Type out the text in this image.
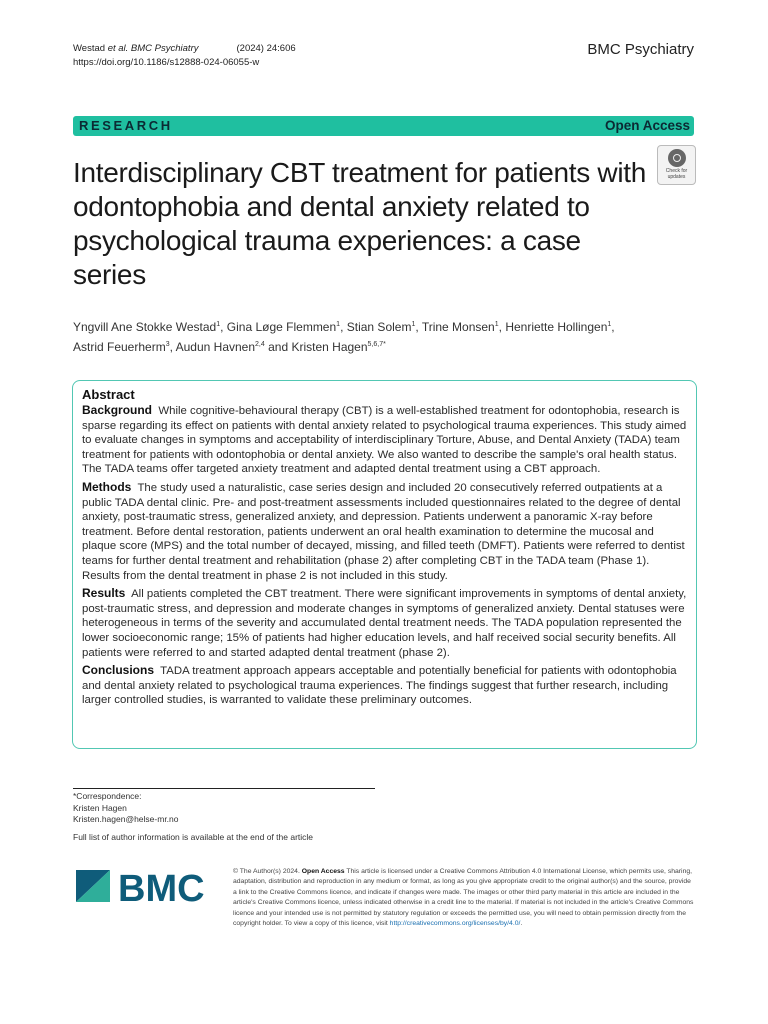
Westad et al. BMC Psychiatry	(2024) 24:606
https://doi.org/10.1186/s12888-024-06055-w
BMC Psychiatry
RESEARCH	Open Access
Interdisciplinary CBT treatment for patients with odontophobia and dental anxiety related to psychological trauma experiences: a case series
Check for
updates
Yngvill Ane Stokke Westad$^1$, Gina Løge Flemmen$^1$, Stian Solem$^1$, Trine Monsen$^1$, Henriette Hollingen$^1$,
Astrid Feuerherm$^3$, Audun Havnen$^{2,4}$ and Kristen Hagen$^{5,6,7*}$
Abstract

Background While cognitive-behavioural therapy (CBT) is a well-established treatment for odontophobia, research is sparse regarding its effect on patients with dental anxiety related to psychological trauma experiences. This study aimed to evaluate changes in symptoms and acceptability of interdisciplinary Torture, Abuse, and Dental Anxiety (TADA) team treatment for patients with odontophobia or dental anxiety. We also wanted to describe the sample's oral health status. The TADA teams offer targeted anxiety treatment and adapted dental treatment using a CBT approach.

Methods The study used a naturalistic, case series design and included 20 consecutively referred outpatients at a public TADA dental clinic. Pre- and post-treatment assessments included questionnaires related to the degree of dental anxiety, post-traumatic stress, generalized anxiety, and depression. Patients underwent a panoramic X-ray before treatment. Before dental restoration, patients underwent an oral health examination to determine the mucosal and plaque score (MPS) and the total number of decayed, missing, and filled teeth (DMFT). Patients were referred to dentist teams for further dental treatment and rehabilitation (phase 2) after completing CBT in the TADA team (Phase 1). Results from the dental treatment in phase 2 is not included in this study.

Results All patients completed the CBT treatment. There were significant improvements in symptoms of dental anxiety, post-traumatic stress, and depression and moderate changes in symptoms of generalized anxiety. Dental statuses were heterogeneous in terms of the severity and accumulated dental treatment needs. The TADA population represented the lower socioeconomic range; 15% of patients had higher education levels, and half received social security benefits. All patients were referred to and started adapted dental treatment (phase 2).

Conclusions TADA treatment approach appears acceptable and potentially beneficial for patients with odontophobia and dental anxiety related to psychological trauma experiences. The findings suggest that further research, including larger controlled studies, is warranted to validate these preliminary outcomes.

*Correspondence:
Kristen Hagen
Kristen.hagen@helse-mr.no
Full list of author information is available at the end of the article
BMC	© The Author(s) 2024. Open Access This article is licensed under a Creative Commons Attribution 4.0 International License, which permits use, sharing, adaptation, distribution and reproduction in any medium or format, as long as you give appropriate credit to the original author(s) and the source, provide a link to the Creative Commons licence, and indicate if changes were made. The images or other third party material in this article are included in the article's Creative Commons licence, unless indicated otherwise in a credit line to the material. If material is not included in the article's Creative Commons licence and your intended use is not permitted by statutory regulation or exceeds the permitted use, you will need to obtain permission directly from the copyright holder. To view a copy of this licence, visit http://creativecommons.org/licenses/by/4.0/.
